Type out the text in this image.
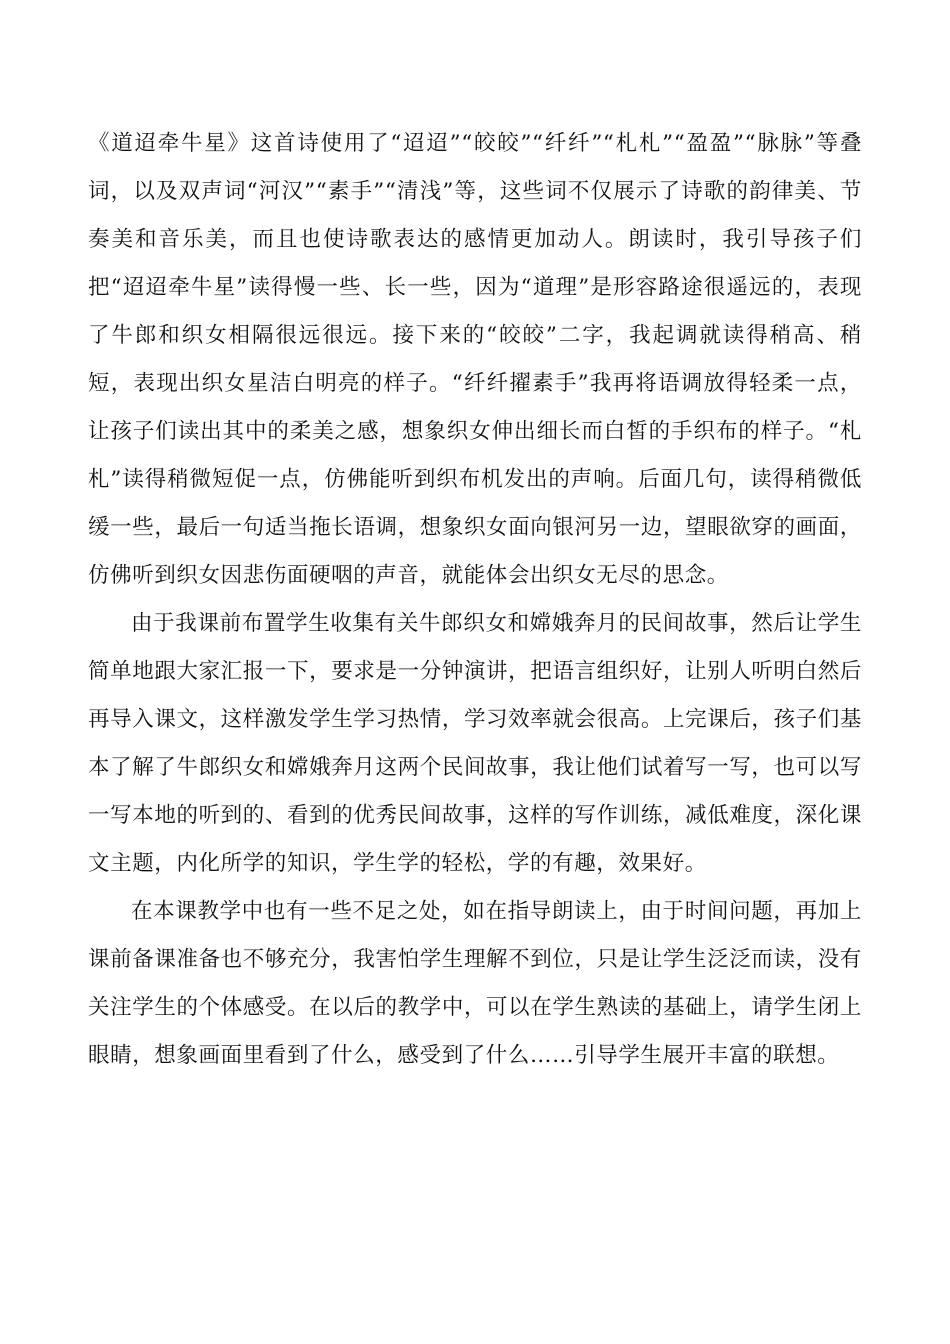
《道迢牵牛星》这首诗使用了“迢迢”“皎皎”“纤纤”“札札”“盈盈”“脉脉”等叠词，以及双声词“河汉”“素手”“清浅”等，这些词不仅展示了诗歌的韵律美、节奏美和音乐美，而且也使诗歌表达的感情更加动人。朗读时，我引导孩子们把“迢迢牵牛星”读得慢一些、长一些，因为“道理”是形容路途很遥远的，表现了牛郎和织女相隔很远很远。接下来的“皎皎”二字，我起调就读得稍高、稍短，表现出织女星洁白明亮的样子。“纤纤擢素手”我再将语调放得轻柔一点，让孩子们读出其中的柔美之感，想象织女伸出细长而白皙的手织布的样子。“札札”读得稍微短促一点，仿佛能听到织布机发出的声响。后面几句，读得稍微低缓一些，最后一句适当拖长语调，想象织女面向银河另一边，望眼欲穿的画面，仿佛听到织女因悲伤面硬咽的声音，就能体会出织女无尽的思念。

由于我课前布置学生收集有关牛郎织女和嫦娥奔月的民间故事，然后让学生简单地跟大家汇报一下，要求是一分钟演讲，把语言组织好，让别人听明白然后再导入课文，这样激发学生学习热情，学习效率就会很高。上完课后，孩子们基本了解了牛郎织女和嫦娥奔月这两个民间故事，我让他们试着写一写，也可以写一写本地的听到的、看到的优秀民间故事，这样的写作训练，减低难度，深化课文主题，内化所学的知识，学生学的轻松，学的有趣，效果好。

在本课教学中也有一些不足之处，如在指导朗读上，由于时间问题，再加上课前备课准备也不够充分，我害怕学生理解不到位，只是让学生泛泛而读，没有关注学生的个体感受。在以后的教学中，可以在学生熟读的基础上，请学生闭上眼睛，想象画面里看到了什么，感受到了什么……引导学生展开丰富的联想。
